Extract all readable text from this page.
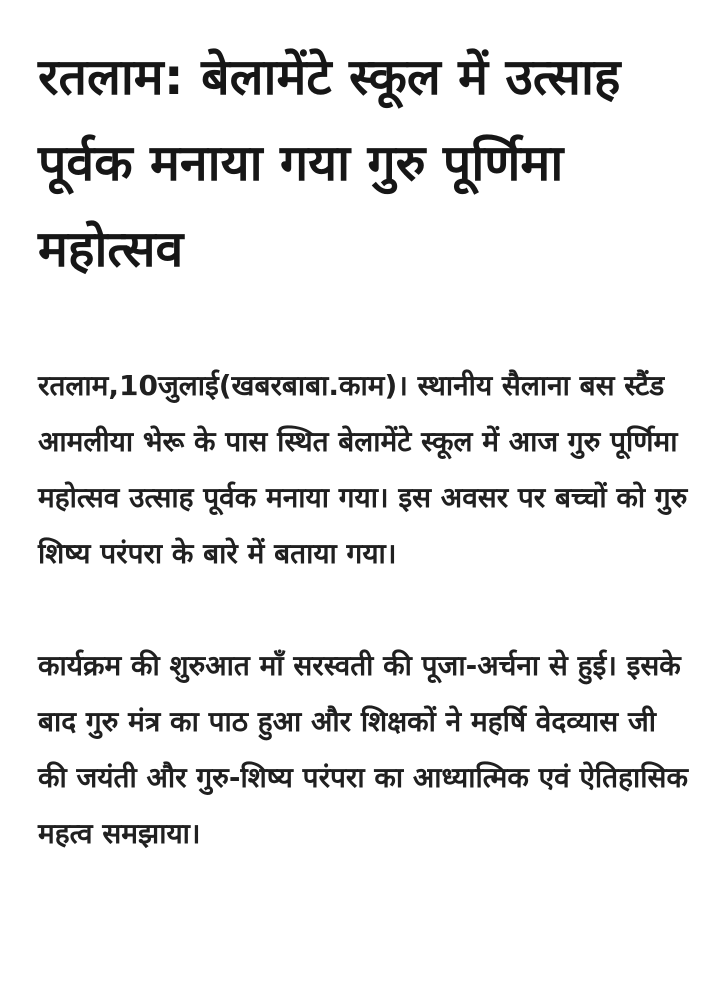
रतलाम: बेलामेंटे स्कूल में उत्साह पूर्वक मनाया गया गुरु पूर्णिमा महोत्सव

रतलाम,10जुलाई(खबरबाबा.काम)। स्थानीय सैलाना बस स्टैंड आमलीया भेरू के पास स्थित बेलामेंटे स्कूल में आज गुरु पूर्णिमा महोत्सव उत्साह पूर्वक मनाया गया। इस अवसर पर बच्चों को गुरु शिष्य परंपरा के बारे में बताया गया।

कार्यक्रम की शुरुआत माँ सरस्वती की पूजा-अर्चना से हुई। इसके बाद गुरु मंत्र का पाठ हुआ और शिक्षकों ने महर्षि वेदव्यास जी की जयंती और गुरु-शिष्य परंपरा का आध्यात्मिक एवं ऐतिहासिक महत्व समझाया।
